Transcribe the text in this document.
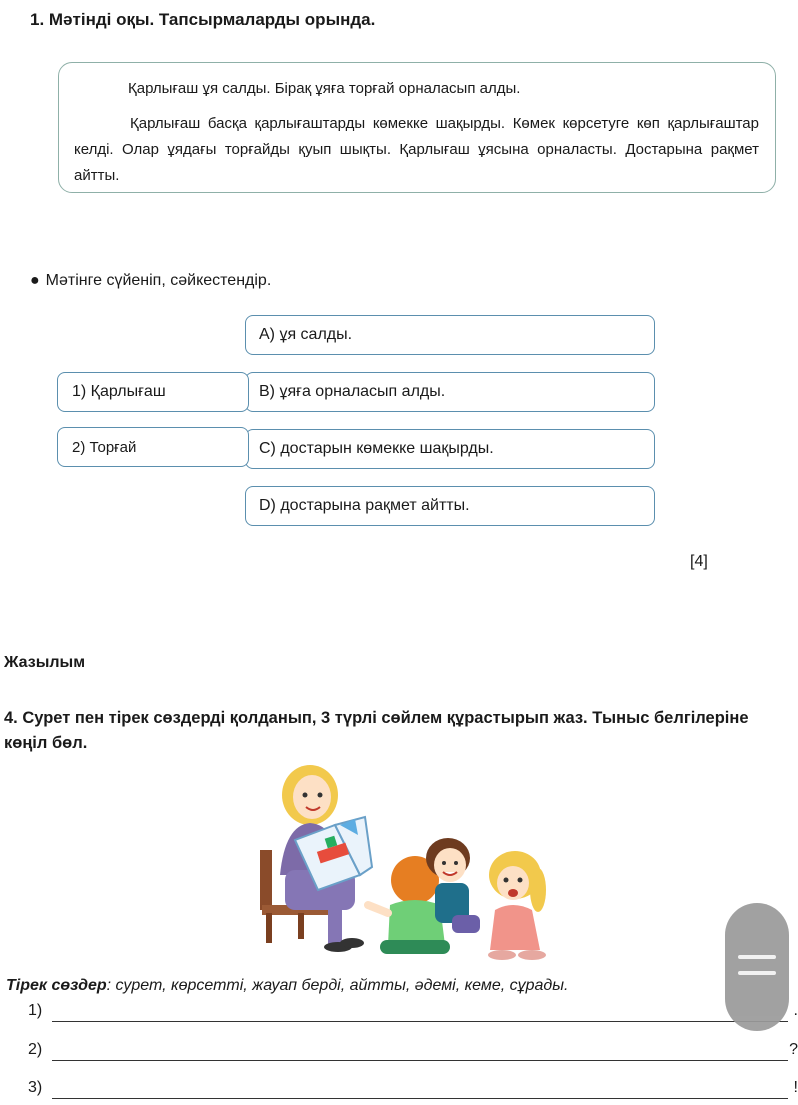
1. Мәтінді оқы. Тапсырмаларды орында.
Қарлығаш ұя салды. Бірақ ұяға торғай орналасып алды.
Қарлығаш басқа қарлығаштарды көмекке шақырды. Көмек көрсетуге көп қарлығаштар келді. Олар ұядағы торғайды қуып шықты. Қарлығаш ұясына орналасты. Достарына рақмет айтты.
● Мәтінге сүйеніп, сәйкестендір.
А) ұя салды.
В) ұяға орналасып алды.
С) достарын көмекке шақырды.
D) достарына рақмет айтты.
1) Қарлығаш
2) Торғай
[4]
Жазылым
4. Сурет пен тірек сөздерді қолданып, 3 түрлі сөйлем құрастырып жаз. Тыныс белгілеріне көңіл бөл.
Тірек сөздер: сурет, көрсетті, жауап берді, айтты, әдемі, кеме, сұрады.
1)	.
2)	?
3)	!
